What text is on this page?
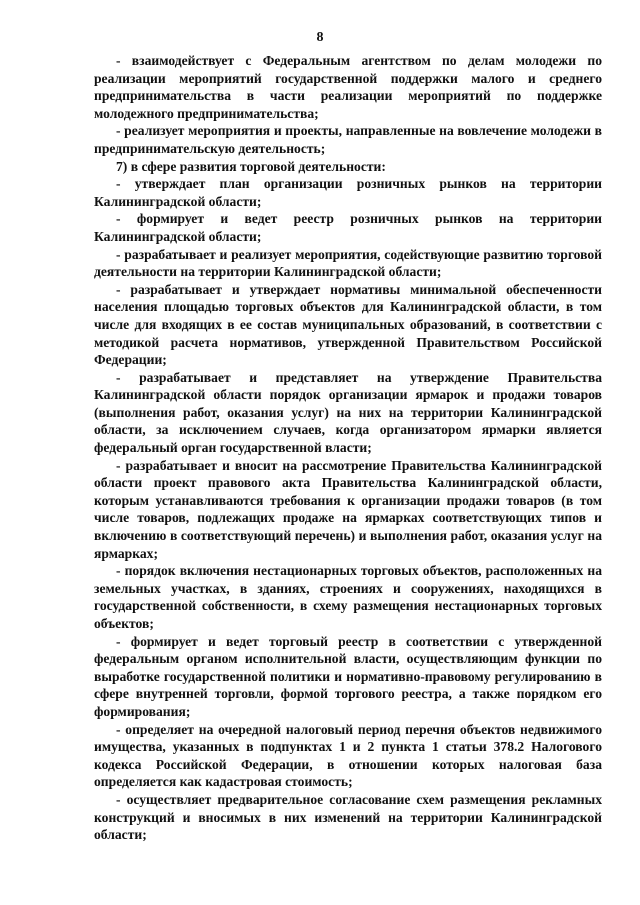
8

- взаимодействует с Федеральным агентством по делам молодежи по реализации мероприятий государственной поддержки малого и среднего предпринимательства в части реализации мероприятий по поддержке молодежного предпринимательства;

- реализует мероприятия и проекты, направленные на вовлечение молодежи в предпринимательскую деятельность;

7) в сфере развития торговой деятельности:

- утверждает план организации розничных рынков на территории Калининградской области;

- формирует и ведет реестр розничных рынков на территории Калининградской области;

- разрабатывает и реализует мероприятия, содействующие развитию торговой деятельности на территории Калининградской области;

- разрабатывает и утверждает нормативы минимальной обеспеченности населения площадью торговых объектов для Калининградской области, в том числе для входящих в ее состав муниципальных образований, в соответствии с методикой расчета нормативов, утвержденной Правительством Российской Федерации;

- разрабатывает и представляет на утверждение Правительства Калининградской области порядок организации ярмарок и продажи товаров (выполнения работ, оказания услуг) на них на территории Калининградской области, за исключением случаев, когда организатором ярмарки является федеральный орган государственной власти;

- разрабатывает и вносит на рассмотрение Правительства Калининградской области проект правового акта Правительства Калининградской области, которым устанавливаются требования к организации продажи товаров (в том числе товаров, подлежащих продаже на ярмарках соответствующих типов и включению в соответствующий перечень) и выполнения работ, оказания услуг на ярмарках;

- порядок включения нестационарных торговых объектов, расположенных на земельных участках, в зданиях, строениях и сооружениях, находящихся в государственной собственности, в схему размещения нестационарных торговых объектов;

- формирует и ведет торговый реестр в соответствии с утвержденной федеральным органом исполнительной власти, осуществляющим функции по выработке государственной политики и нормативно-правовому регулированию в сфере внутренней торговли, формой торгового реестра, а также порядком его формирования;

- определяет на очередной налоговый период перечня объектов недвижимого имущества, указанных в подпунктах 1 и 2 пункта 1 статьи 378.2 Налогового кодекса Российской Федерации, в отношении которых налоговая база определяется как кадастровая стоимость;

- осуществляет предварительное согласование схем размещения рекламных конструкций и вносимых в них изменений на территории Калининградской области;
